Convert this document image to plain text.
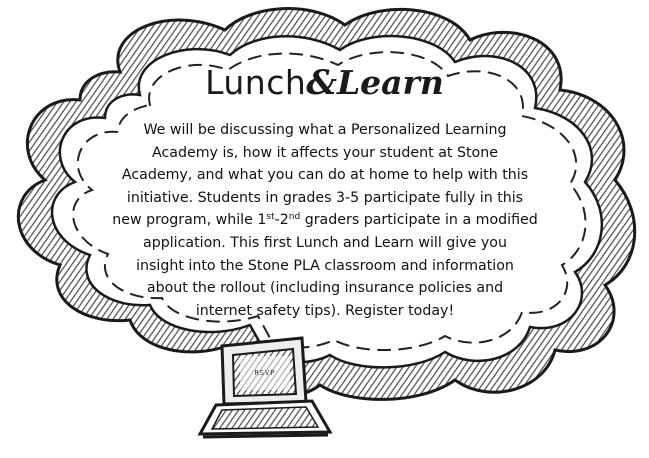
RSVP
Lunch&Learn
We will be discussing what a Personalized Learning
Academy is, how it affects your student at Stone
Academy, and what you can do at home to help with this
initiative. Students in grades 3-5 participate fully in this
new program, while 1st-2nd graders participate in a modified
application. This first Lunch and Learn will give you
insight into the Stone PLA classroom and information
about the rollout (including insurance policies and
internet safety tips). Register today!
